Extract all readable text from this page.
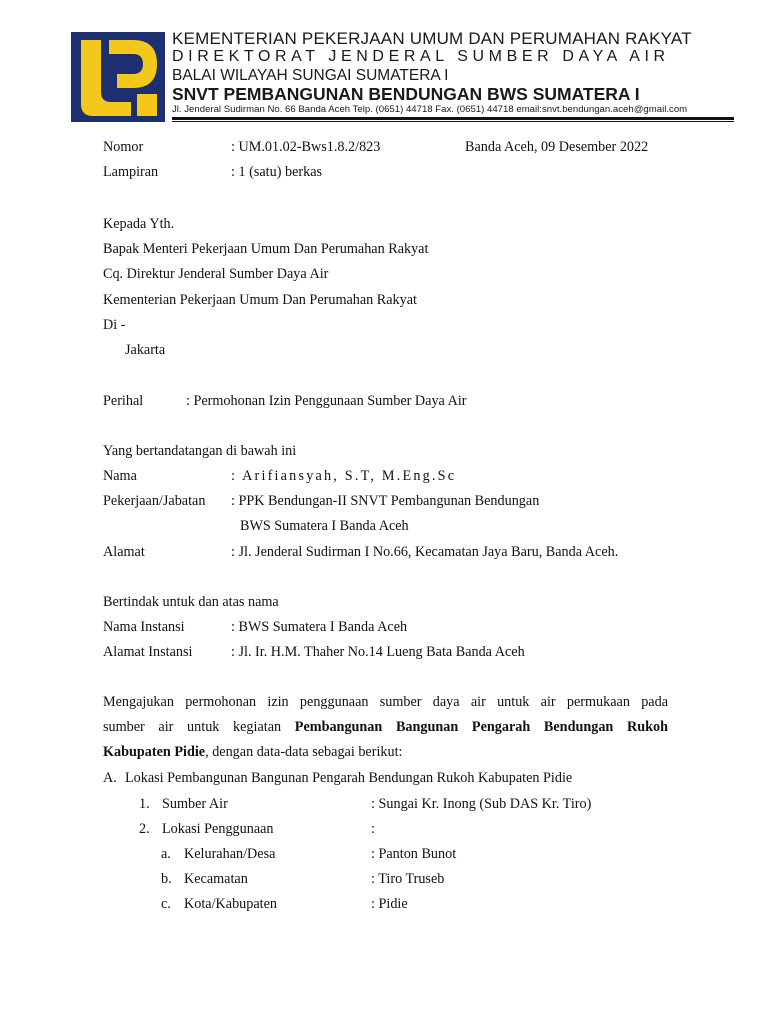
KEMENTERIAN PEKERJAAN UMUM DAN PERUMAHAN RAKYAT
DIREKTORAT JENDERAL SUMBER DAYA AIR
BALAI WILAYAH SUNGAI SUMATERA I
SNVT PEMBANGUNAN BENDUNGAN BWS SUMATERA I
Jl. Jenderal Sudirman No. 66 Banda Aceh Telp. (0651) 44718 Fax. (0651) 44718 email:snvt.bendungan.aceh@gmail.com
Nomor	: UM.01.02-Bws1.8.2/823	Banda Aceh, 09 Desember 2022
Lampiran	: 1 (satu) berkas
Kepada Yth.
Bapak Menteri Pekerjaan Umum Dan Perumahan Rakyat
Cq. Direktur Jenderal Sumber Daya Air
Kementerian Pekerjaan Umum Dan Perumahan Rakyat
Di -
Jakarta
Perihal	: Permohonan Izin Penggunaan Sumber Daya Air
Yang bertandatangan di bawah ini
Nama	: Arifiansyah, S.T, M.Eng.Sc
Pekerjaan/Jabatan : PPK Bendungan-II SNVT Pembangunan Bendungan
BWS Sumatera I Banda Aceh
Alamat	: Jl. Jenderal Sudirman I No.66, Kecamatan Jaya Baru, Banda Aceh.
Bertindak untuk dan atas nama
Nama Instansi	: BWS Sumatera I Banda Aceh
Alamat Instansi	: Jl. Ir. H.M. Thaher No.14 Lueng Bata Banda Aceh
Mengajukan permohonan izin penggunaan sumber daya air untuk air permukaan pada
sumber air untuk kegiatan Pembangunan Bangunan Pengarah Bendungan Rukoh
Kabupaten Pidie, dengan data-data sebagai berikut:
A. Lokasi Pembangunan Bangunan Pengarah Bendungan Rukoh Kabupaten Pidie
1. Sumber Air	: Sungai Kr. Inong (Sub DAS Kr. Tiro)
2. Lokasi Penggunaan	:
a. Kelurahan/Desa	: Panton Bunot
b. Kecamatan	: Tiro Truseb
c. Kota/Kabupaten	: Pidie
